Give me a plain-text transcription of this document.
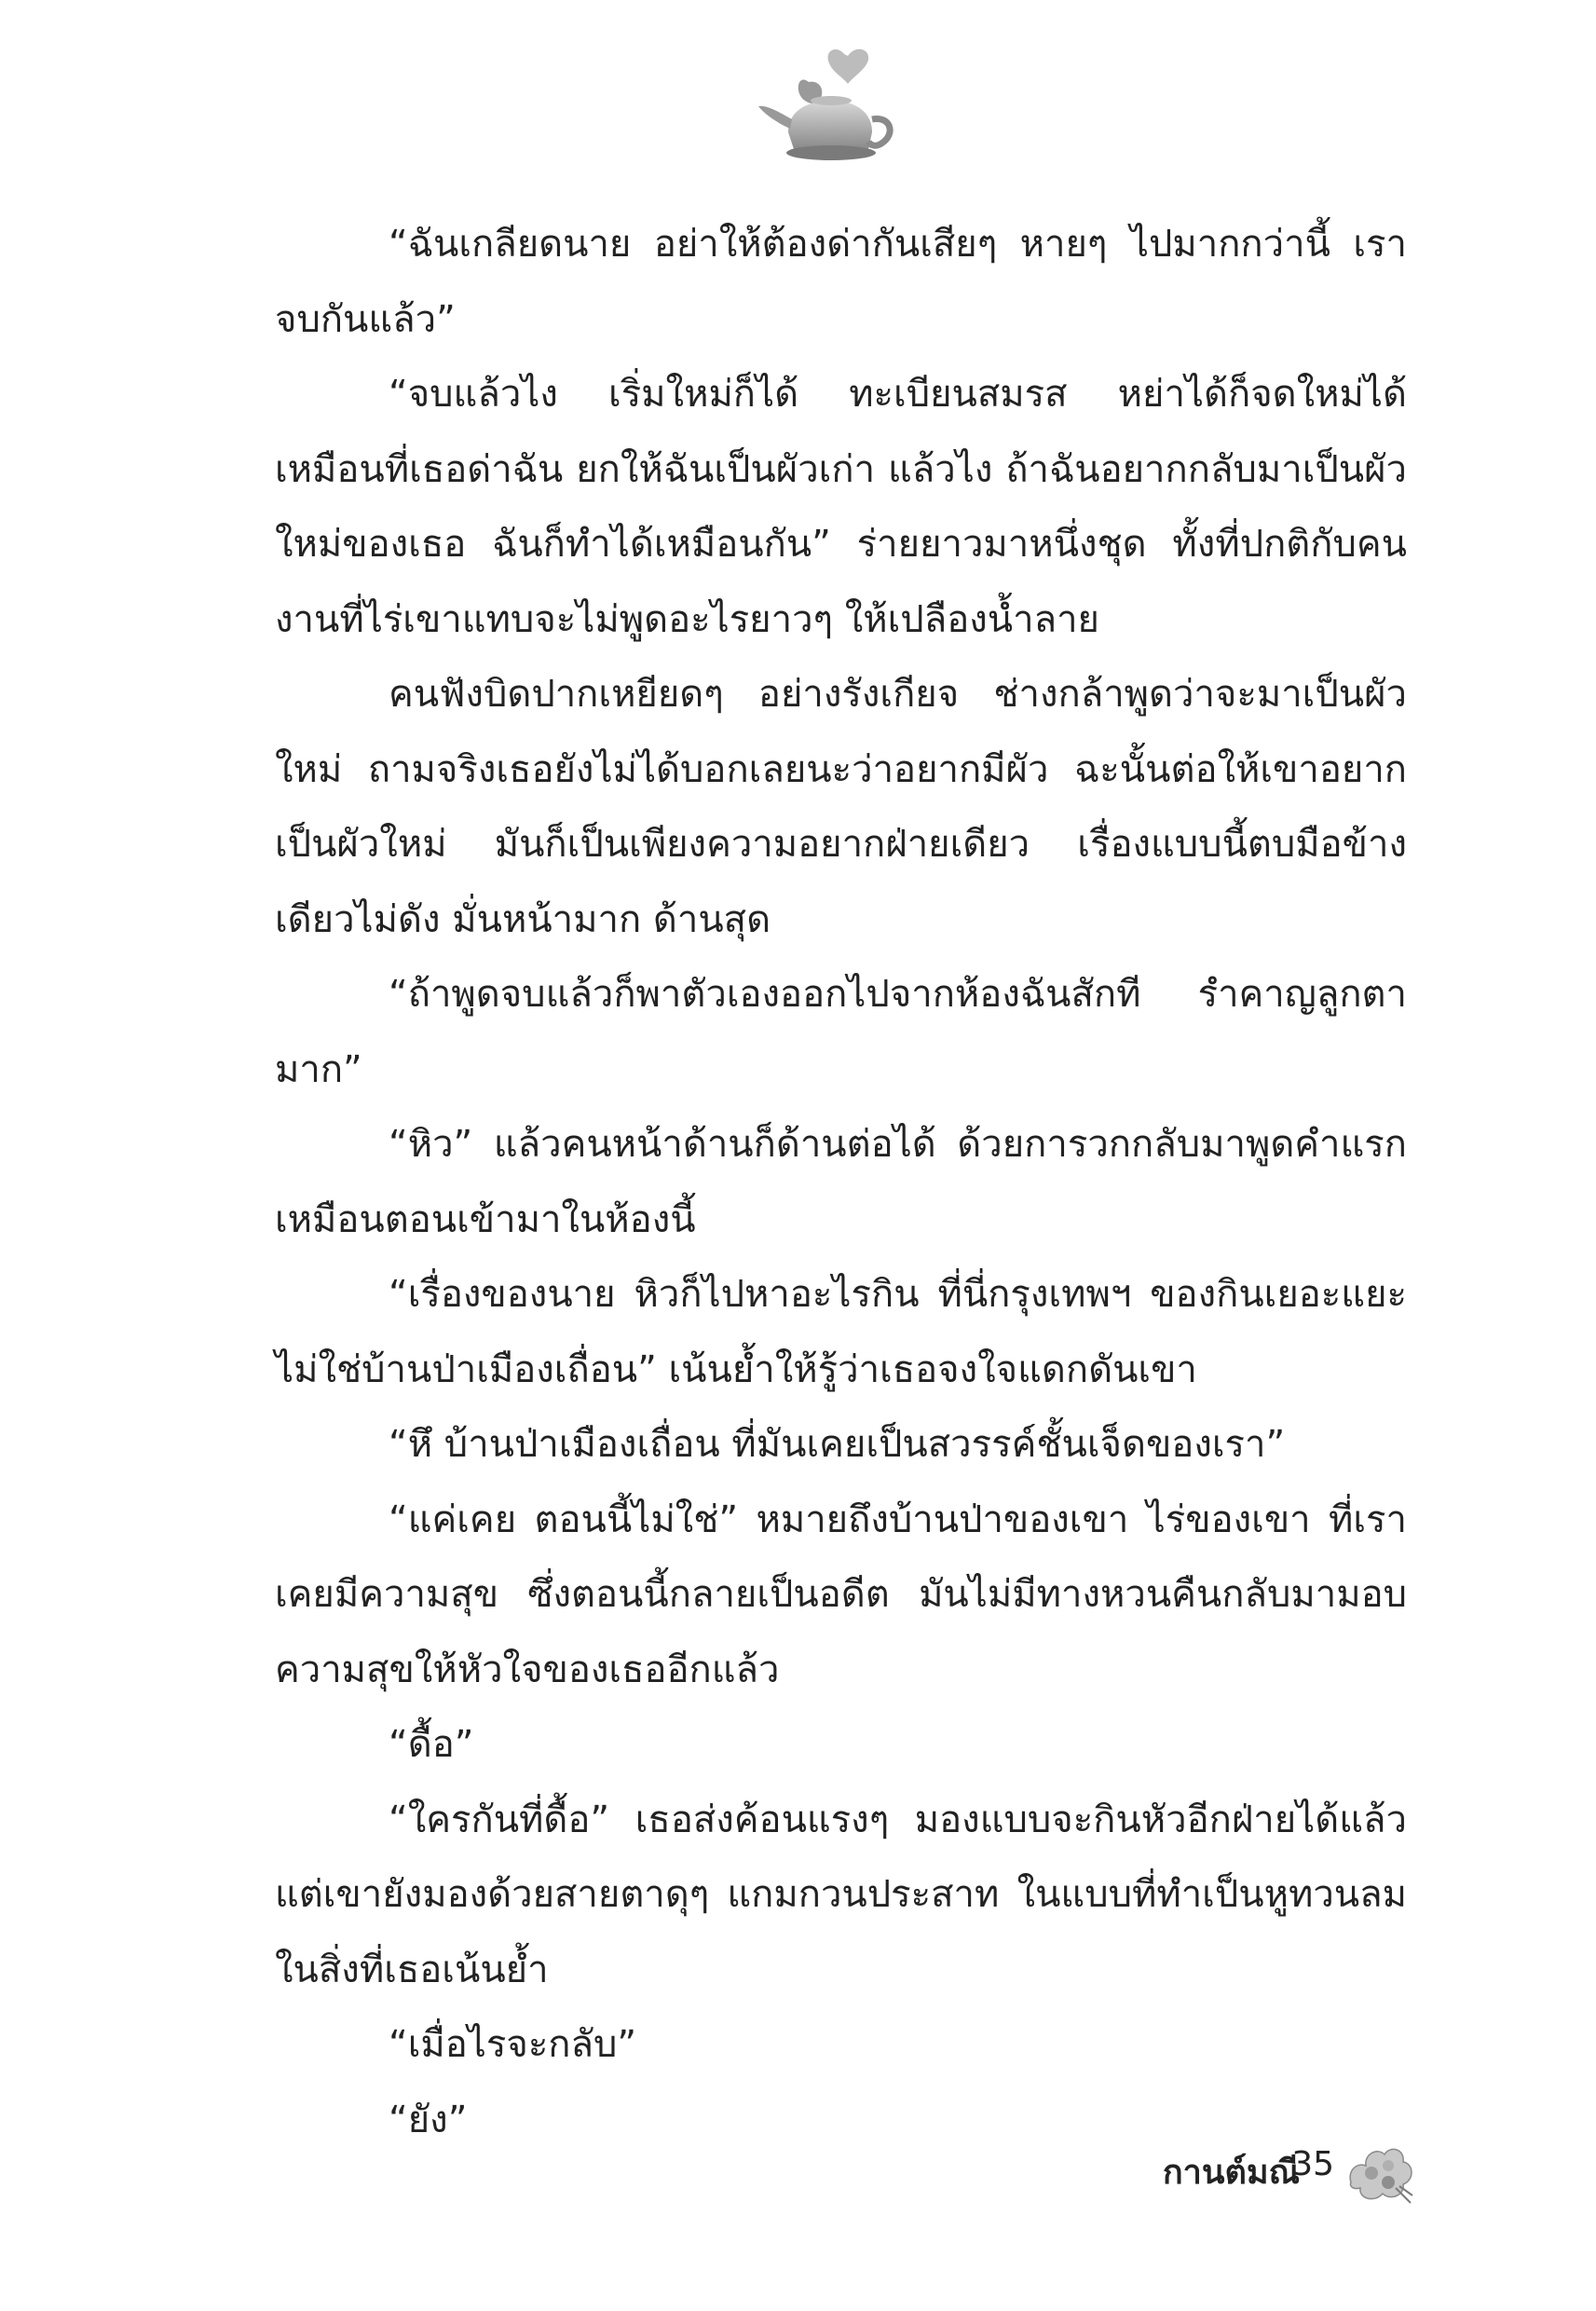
“ฉันเกลียดนาย อย่าให้ต้องด่ากันเสียๆ หายๆ ไปมากกว่านี้ เราจบกันแล้ว”

“จบแล้วไง เริ่มใหม่ก็ได้ ทะเบียนสมรส หย่าได้ก็จดใหม่ได้ เหมือนที่เธอด่าฉัน ยกให้ฉันเป็นผัวเก่า แล้วไง ถ้าฉันอยากกลับมาเป็นผัวใหม่ของเธอ ฉันก็ทำได้เหมือนกัน” ร่ายยาวมาหนึ่งชุด ทั้งที่ปกติกับคนงานที่ไร่เขาแทบจะไม่พูดอะไรยาวๆ ให้เปลืองน้ำลาย

คนฟังบิดปากเหยียดๆ อย่างรังเกียจ ช่างกล้าพูดว่าจะมาเป็นผัวใหม่ ถามจริงเธอยังไม่ได้บอกเลยนะว่าอยากมีผัว ฉะนั้นต่อให้เขาอยากเป็นผัวใหม่ มันก็เป็นเพียงความอยากฝ่ายเดียว เรื่องแบบนี้ตบมือข้างเดียวไม่ดัง มั่นหน้ามาก ด้านสุด

“ถ้าพูดจบแล้วก็พาตัวเองออกไปจากห้องฉันสักที รำคาญลูกตามาก”

“หิว” แล้วคนหน้าด้านก็ด้านต่อได้ ด้วยการวกกลับมาพูดคำแรกเหมือนตอนเข้ามาในห้องนี้

“เรื่องของนาย หิวก็ไปหาอะไรกิน ที่นี่กรุงเทพฯ ของกินเยอะแยะ ไม่ใช่บ้านป่าเมืองเถื่อน” เน้นย้ำให้รู้ว่าเธอจงใจแดกดันเขา

“หึ บ้านป่าเมืองเถื่อน ที่มันเคยเป็นสวรรค์ชั้นเจ็ดของเรา”

“แค่เคย ตอนนี้ไม่ใช่” หมายถึงบ้านป่าของเขา ไร่ของเขา ที่เราเคยมีความสุข ซึ่งตอนนี้กลายเป็นอดีต มันไม่มีทางหวนคืนกลับมามอบความสุขให้หัวใจของเธออีกแล้ว

“ดื้อ”

“ใครกันที่ดื้อ” เธอส่งค้อนแรงๆ มองแบบจะกินหัวอีกฝ่ายได้แล้ว แต่เขายังมองด้วยสายตาดุๆ แกมกวนประสาท ในแบบที่ทำเป็นหูทวนลมในสิ่งที่เธอเน้นย้ำ

“เมื่อไรจะกลับ”

“ยัง”

กานต์มณี
35
